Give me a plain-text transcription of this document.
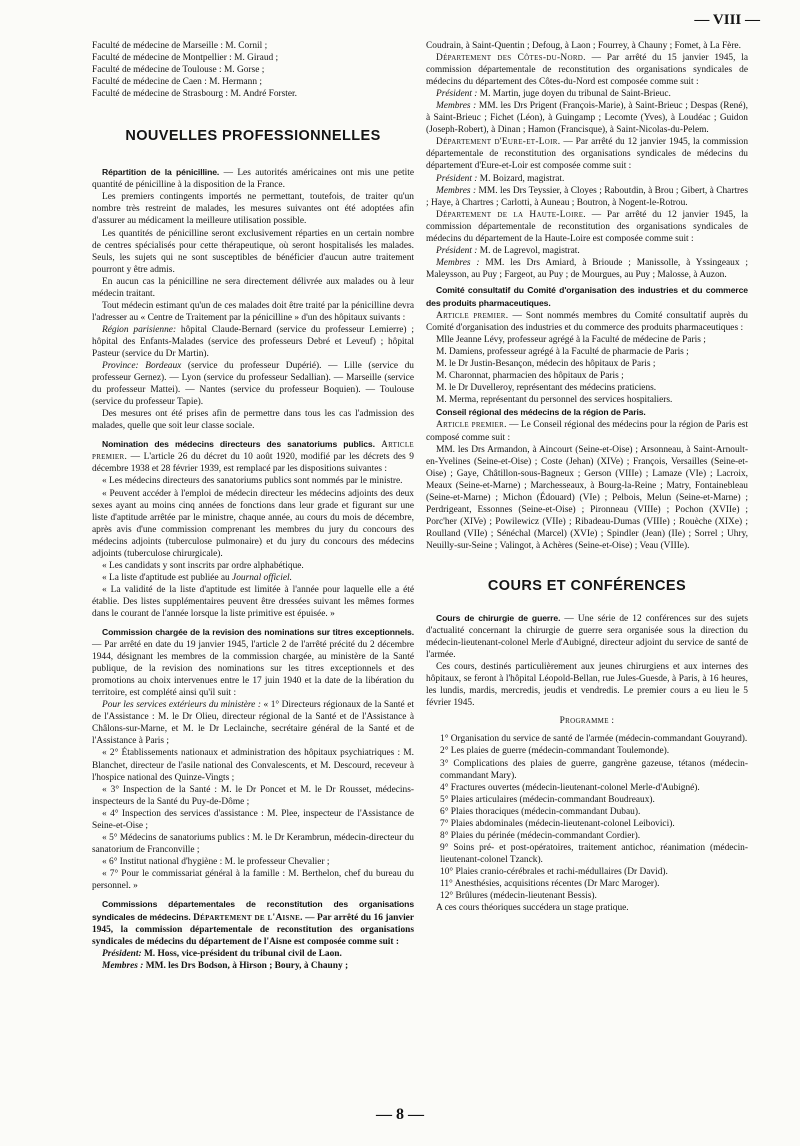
— VIII —

Faculté de médecine de Marseille : M. Cornil ;

Faculté de médecine de Montpellier : M. Giraud ;

Faculté de médecine de Toulouse : M. Gorse ;

Faculté de médecine de Caen : M. Hermann ;

Faculté de médecine de Strasbourg : M. André Forster.

NOUVELLES PROFESSIONNELLES

Répartition de la pénicilline. — Les autorités américaines ont mis une petite quantité de pénicilline à la disposition de la France.

Les premiers contingents importés ne permettant, toutefois, de traiter qu'un nombre très restreint de malades, les mesures suivantes ont été adoptées afin d'assurer au médicament la meilleure utilisation possible.

Les quantités de pénicilline seront exclusivement réparties en un certain nombre de centres spécialisés pour cette thérapeutique, où seront hospitalisés les malades. Seuls, les sujets qui ne sont susceptibles de bénéficier d'aucun autre traitement pourront y être admis.

En aucun cas la pénicilline ne sera directement délivrée aux malades ou à leur médecin traitant.

Tout médecin estimant qu'un de ces malades doit être traité par la pénicilline devra l'adresser au « Centre de Traitement par la pénicilline » d'un des hôpitaux suivants :

Région parisienne: hôpital Claude-Bernard (service du professeur Lemierre) ; hôpital des Enfants-Malades (service des professeurs Debré et Leveuf) ; hôpital Pasteur (service du Dr Martin).

Province: Bordeaux (service du professeur Dupérié). — Lille (service du professeur Gernez). — Lyon (service du professeur Sedallian). — Marseille (service du professeur Mattei). — Nantes (service du professeur Boquien). — Toulouse (service du professeur Tapie).

Des mesures ont été prises afin de permettre dans tous les cas l'admission des malades, quelle que soit leur classe sociale.

Nomination des médecins directeurs des sanatoriums publics. Article premier. — L'article 26 du décret du 10 août 1920, modifié par les décrets des 9 décembre 1938 et 28 février 1939, est remplacé par les dispositions suivantes :

« Les médecins directeurs des sanatoriums publics sont nommés par le ministre.

« Peuvent accéder à l'emploi de médecin directeur les médecins adjoints des deux sexes ayant au moins cinq années de fonctions dans leur grade et figurant sur une liste d'aptitude arrêtée par le ministre, chaque année, au cours du mois de décembre, après avis d'une commission comprenant les membres du jury du concours des médecins adjoints (tuberculose pulmonaire) et du jury du concours des médecins adjoints (tuberculose chirurgicale).

« Les candidats y sont inscrits par ordre alphabétique.

« La liste d'aptitude est publiée au Journal officiel.

« La validité de la liste d'aptitude est limitée à l'année pour laquelle elle a été établie. Des listes supplémentaires peuvent être dressées suivant les mêmes formes dans le courant de l'année lorsque la liste primitive est épuisée. »

Commission chargée de la revision des nominations sur titres exceptionnels. — Par arrêté en date du 19 janvier 1945, l'article 2 de l'arrêté précité du 2 décembre 1944, désignant les membres de la commission chargée, au ministère de la Santé publique, de la revision des nominations sur les titres exceptionnels et des promotions au choix intervenues entre le 17 juin 1940 et la date de la libération du territoire, est complété ainsi qu'il suit :

Pour les services extérieurs du ministère : « 1° Directeurs régionaux de la Santé et de l'Assistance : M. le Dr Olieu, directeur régional de la Santé et de l'Assistance à Châlons-sur-Marne, et M. le Dr Leclainche, secrétaire général de la Santé et de l'Assistance à Paris ;

« 2° Établissements nationaux et administration des hôpitaux psychiatriques : M. Blanchet, directeur de l'asile national des Convalescents, et M. Descourd, receveur à l'hospice national des Quinze-Vingts ;

« 3° Inspection de la Santé : M. le Dr Poncet et M. le Dr Rousset, médecins-inspecteurs de la Santé du Puy-de-Dôme ;

« 4° Inspection des services d'assistance : M. Plee, inspecteur de l'Assistance de Seine-et-Oise ;

« 5° Médecins de sanatoriums publics : M. le Dr Kerambrun, médecin-directeur du sanatorium de Franconville ;

« 6° Institut national d'hygiène : M. le professeur Chevalier ;

« 7° Pour le commissariat général à la famille : M. Berthelon, chef du bureau du personnel. »

Commissions départementales de reconstitution des organisations syndicales de médecins. Département de l'Aisne. — Par arrêté du 16 janvier 1945, la commission départementale de reconstitution des organisations syndicales de médecins du département de l'Aisne est composée comme suit :

Président: M. Hoss, vice-président du tribunal civil de Laon.

Membres : MM. les Drs Bodson, à Hirson ; Boury, à Chauny ;

Coudrain, à Saint-Quentin ; Defoug, à Laon ; Fourrey, à Chauny ; Fomet, à La Fère.

Département des Côtes-du-Nord. — Par arrêté du 15 janvier 1945, la commission départementale de reconstitution des organisations syndicales de médecins du département des Côtes-du-Nord est composée comme suit :

Président : M. Martin, juge doyen du tribunal de Saint-Brieuc.

Membres : MM. les Drs Prigent (François-Marie), à Saint-Brieuc ; Despas (René), à Saint-Brieuc ; Fichet (Léon), à Guingamp ; Lecomte (Yves), à Loudéac ; Guidon (Joseph-Robert), à Dinan ; Hamon (Francisque), à Saint-Nicolas-du-Pelem.

Département d'Eure-et-Loir. — Par arrêté du 12 janvier 1945, la commission départementale de reconstitution des organisations syndicales de médecins du département d'Eure-et-Loir est composée comme suit :

Président : M. Boizard, magistrat.

Membres : MM. les Drs Teyssier, à Cloyes ; Raboutdin, à Brou ; Gibert, à Chartres ; Haye, à Chartres ; Carlotti, à Auneau ; Boutron, à Nogent-le-Rotrou.

Département de la Haute-Loire. — Par arrêté du 12 janvier 1945, la commission départementale de reconstitution des organisations syndicales de médecins du département de la Haute-Loire est composée comme suit :

Président : M. de Lagrevol, magistrat.

Membres : MM. les Drs Amiard, à Brioude ; Manissolle, à Yssingeaux ; Maleysson, au Puy ; Fargeot, au Puy ; de Mourgues, au Puy ; Malosse, à Auzon.

Comité consultatif du Comité d'organisation des industries et du commerce des produits pharmaceutiques.

Article premier. — Sont nommés membres du Comité consultatif auprès du Comité d'organisation des industries et du commerce des produits pharmaceutiques :

Mlle Jeanne Lévy, professeur agrégé à la Faculté de médecine de Paris ;

M. Damiens, professeur agrégé à la Faculté de pharmacie de Paris ;

M. le Dr Justin-Besançon, médecin des hôpitaux de Paris ;

M. Charonnat, pharmacien des hôpitaux de Paris ;

M. le Dr Duvelleroy, représentant des médecins praticiens.

M. Merma, représentant du personnel des services hospitaliers.

Conseil régional des médecins de la région de Paris.

Article premier. — Le Conseil régional des médecins pour la région de Paris est composé comme suit :

MM. les Drs Armandon, à Aincourt (Seine-et-Oise) ; Arsonneau, à Saint-Arnoult-en-Yvelines (Seine-et-Oise) ; Coste (Jehan) (XIVe) ; François, Versailles (Seine-et-Oise) ; Gaye, Châtillon-sous-Bagneux ; Gerson (VIIIe) ; Lamaze (VIe) ; Lacroix, Meaux (Seine-et-Marne) ; Marchesseaux, à Bourg-la-Reine ; Matry, Fontainebleau (Seine-et-Marne) ; Michon (Édouard) (VIe) ; Pelbois, Melun (Seine-et-Marne) ; Perdrigeant, Essonnes (Seine-et-Oise) ; Pironneau (VIIIe) ; Pochon (XVIIe) ; Porc'her (XIVe) ; Powilewicz (VIIe) ; Ribadeau-Dumas (VIIIe) ; Rouèche (XIXe) ; Roulland (VIIe) ; Sénéchal (Marcel) (XVIe) ; Spindler (Jean) (IIe) ; Sorrel ; Uhry, Neuilly-sur-Seine ; Valingot, à Achères (Seine-et-Oise) ; Veau (VIIIe).

COURS ET CONFÉRENCES

Cours de chirurgie de guerre. — Une série de 12 conférences sur des sujets d'actualité concernant la chirurgie de guerre sera organisée sous la direction du médecin-lieutenant-colonel Merle d'Aubigné, directeur adjoint du service de santé de l'armée.

Ces cours, destinés particulièrement aux jeunes chirurgiens et aux internes des hôpitaux, se feront à l'hôpital Léopold-Bellan, rue Jules-Guesde, à Paris, à 16 heures, les lundis, mardis, mercredis, jeudis et vendredis. Le premier cours a eu lieu le 5 février 1945.

Programme :

1° Organisation du service de santé de l'armée (médecin-commandant Gouyrand).

2° Les plaies de guerre (médecin-commandant Toulemonde).

3° Complications des plaies de guerre, gangrène gazeuse, tétanos (médecin-commandant Mary).

4° Fractures ouvertes (médecin-lieutenant-colonel Merle-d'Aubigné).

5° Plaies articulaires (médecin-commandant Boudreaux).

6° Plaies thoraciques (médecin-commandant Dubau).

7° Plaies abdominales (médecin-lieutenant-colonel Leibovici).

8° Plaies du périnée (médecin-commandant Cordier).

9° Soins pré- et post-opératoires, traitement antichoc, réanimation (médecin-lieutenant-colonel Tzanck).

10° Plaies cranio-cérébrales et rachi-médullaires (Dr David).

11° Anesthésies, acquisitions récentes (Dr Marc Maroger).

12° Brûlures (médecin-lieutenant Bessis).

A ces cours théoriques succédera un stage pratique.

— 8 —
